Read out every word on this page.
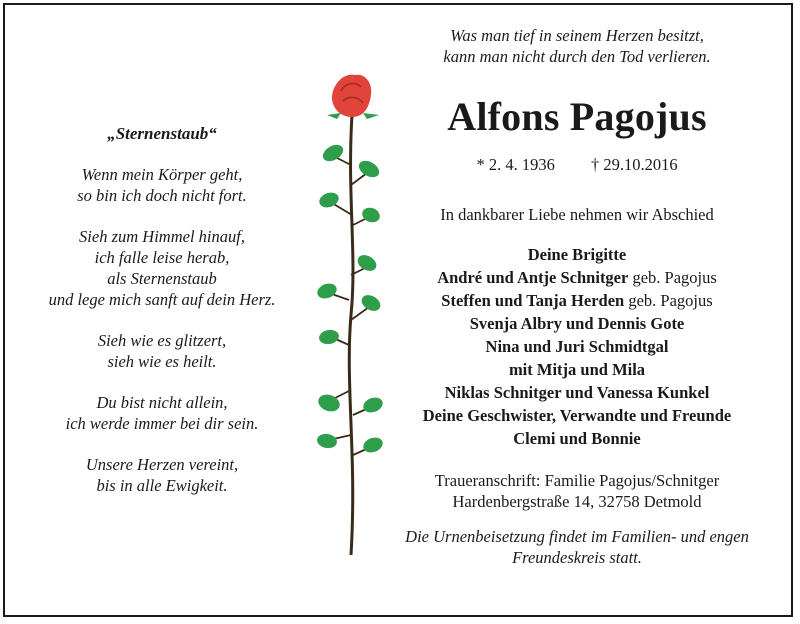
„Sternenstaub“
Wenn mein Körper geht,
so bin ich doch nicht fort.
Sieh zum Himmel hinauf,
ich falle leise herab,
als Sternenstaub
und lege mich sanft auf dein Herz.
Sieh wie es glitzert,
sieh wie es heilt.
Du bist nicht allein,
ich werde immer bei dir sein.
Unsere Herzen vereint,
bis in alle Ewigkeit.
Was man tief in seinem Herzen besitzt,
kann man nicht durch den Tod verlieren.
Alfons Pagojus
* 2. 4. 1936 † 29.10.2016
In dankbarer Liebe nehmen wir Abschied
Deine Brigitte
André und Antje Schnitger geb. Pagojus
Steffen und Tanja Herden geb. Pagojus
Svenja Albry und Dennis Gote
Nina und Juri Schmidtgal
mit Mitja und Mila
Niklas Schnitger und Vanessa Kunkel
Deine Geschwister, Verwandte und Freunde
Clemi und Bonnie
Traueranschrift: Familie Pagojus/Schnitger
Hardenbergstraße 14, 32758 Detmold
Die Urnenbeisetzung findet im Familien- und engen
Freundeskreis statt.
